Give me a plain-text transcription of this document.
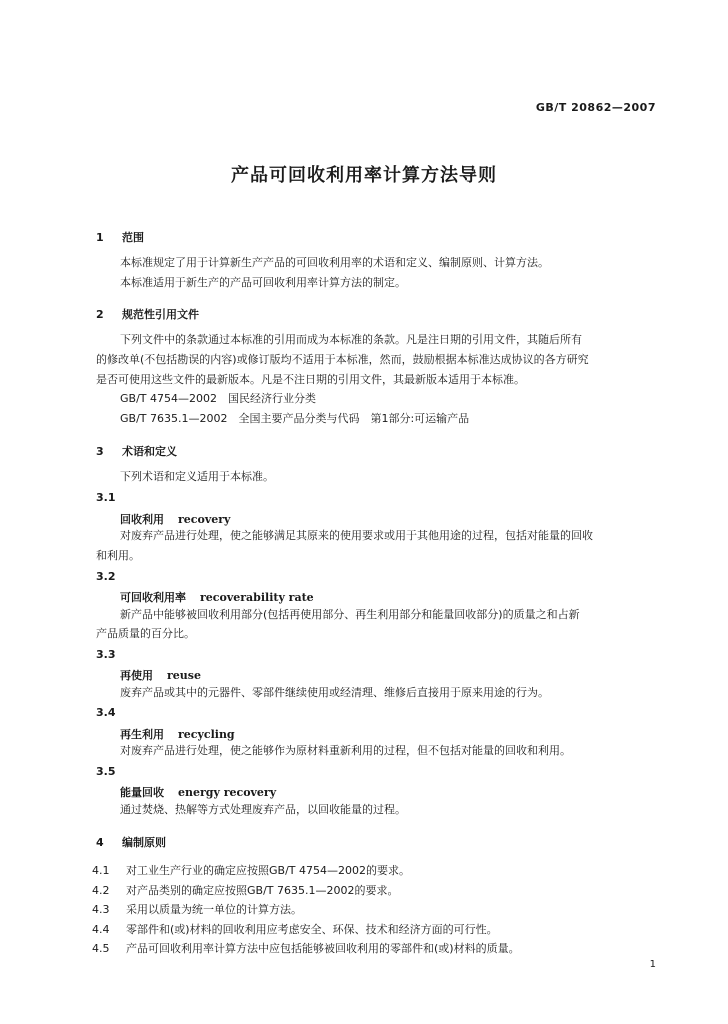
GB/T 20862—2007
产品可回收利用率计算方法导则
1 范围
本标准规定了用于计算新生产产品的可回收利用率的术语和定义、编制原则、计算方法。
本标准适用于新生产的产品可回收利用率计算方法的制定。
2 规范性引用文件
下列文件中的条款通过本标准的引用而成为本标准的条款。凡是注日期的引用文件，其随后所有
的修改单(不包括勘误的内容)或修订版均不适用于本标准，然而，鼓励根据本标准达成协议的各方研究
是否可使用这些文件的最新版本。凡是不注日期的引用文件，其最新版本适用于本标准。
GB/T 4754—2002　国民经济行业分类
GB/T 7635.1—2002　全国主要产品分类与代码　第1部分:可运输产品
3 术语和定义
下列术语和定义适用于本标准。
3.1
回收利用 recovery
对废弃产品进行处理，使之能够满足其原来的使用要求或用于其他用途的过程，包括对能量的回收
和利用。
3.2
可回收利用率 recoverability rate
新产品中能够被回收利用部分(包括再使用部分、再生利用部分和能量回收部分)的质量之和占新
产品质量的百分比。
3.3
再使用 reuse
废弃产品或其中的元器件、零部件继续使用或经清理、维修后直接用于原来用途的行为。
3.4
再生利用 recycling
对废弃产品进行处理，使之能够作为原材料重新利用的过程，但不包括对能量的回收和利用。
3.5
能量回收 energy recovery
通过焚烧、热解等方式处理废弃产品，以回收能量的过程。
4 编制原则
4.1 对工业生产行业的确定应按照GB/T 4754—2002的要求。
4.2 对产品类别的确定应按照GB/T 7635.1—2002的要求。
4.3 采用以质量为统一单位的计算方法。
4.4 零部件和(或)材料的回收利用应考虑安全、环保、技术和经济方面的可行性。
4.5 产品可回收利用率计算方法中应包括能够被回收利用的零部件和(或)材料的质量。
1
